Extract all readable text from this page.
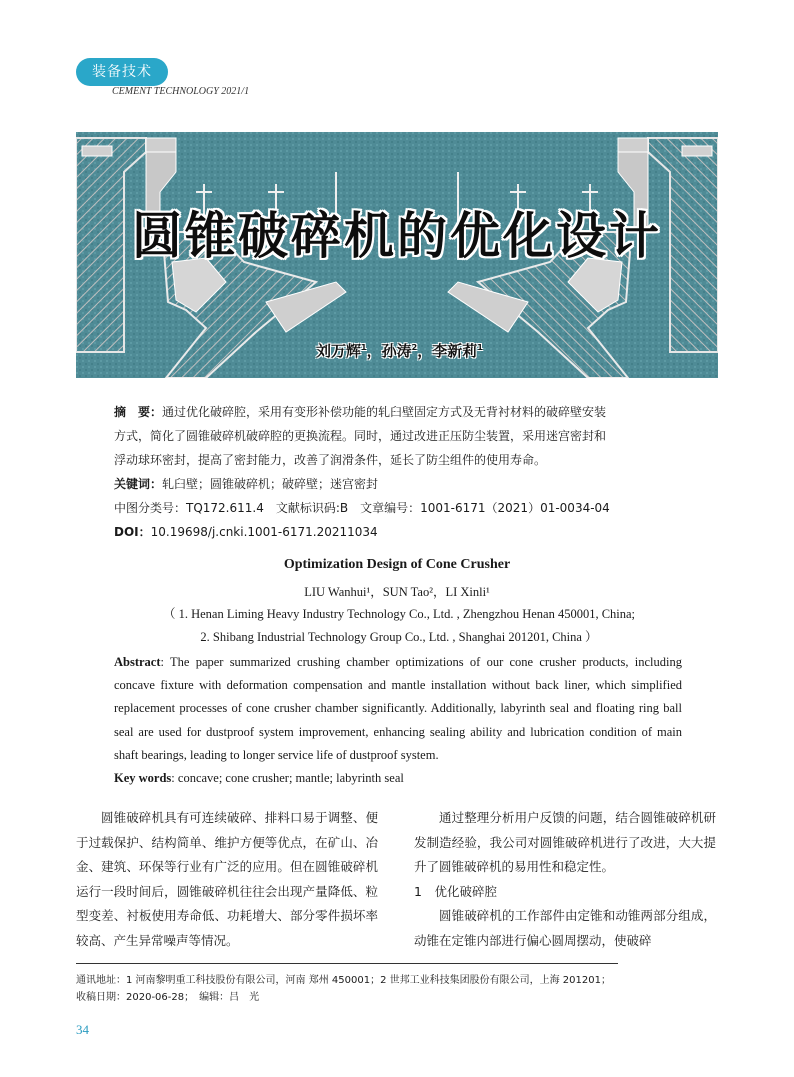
装备技术
CEMENT TECHNOLOGY 2021/1
圆锥破碎机的优化设计
刘万辉$^1$，孙涛$^2$，李新莉$^1$

摘　要：通过优化破碎腔，采用有变形补偿功能的轧臼壁固定方式及无背衬材料的破碎壁安装

方式，简化了圆锥破碎机破碎腔的更换流程。同时，通过改进正压防尘装置，采用迷宫密封和

浮动球环密封，提高了密封能力，改善了润滑条件，延长了防尘组件的使用寿命。

关键词：轧臼壁；圆锥破碎机；破碎壁；迷宫密封

中图分类号：TQ172.611.4　文献标识码:B　文章编号：1001-6171（2021）01-0034-04

DOI：10.19698/j.cnki.1001-6171.20211034

Optimization Design of Cone Crusher
LIU Wanhui¹，SUN Tao²，LI Xinli¹
（ 1. Henan Liming Heavy Industry Technology Co., Ltd. , Zhengzhou Henan 450001, China;
2. Shibang Industrial Technology Group Co., Ltd. , Shanghai 201201, China ）
Abstract: The paper summarized crushing chamber optimizations of our cone crusher products, including concave fixture with deformation compensation and mantle installation without back liner, which simplified replacement processes of cone crusher chamber significantly. Additionally, labyrinth seal and floating ring ball seal are used for dustproof system improvement, enhancing sealing ability and lubrication condition of main shaft bearings, leading to longer service life of dustproof system.
Key words: concave; cone crusher; mantle; labyrinth seal

圆锥破碎机具有可连续破碎、排料口易于调整、便于过载保护、结构简单、维护方便等优点，在矿山、冶金、建筑、环保等行业有广泛的应用。但在圆锥破碎机运行一段时间后，圆锥破碎机往往会出现产量降低、粒型变差、衬板使用寿命低、功耗增大、部分零件损坏率较高、产生异常噪声等情况。

通过整理分析用户反馈的问题，结合圆锥破碎机研发制造经验，我公司对圆锥破碎机进行了改进，大大提升了圆锥破碎机的易用性和稳定性。

1　优化破碎腔

圆锥破碎机的工作部件由定锥和动锥两部分组成，动锥在定锥内部进行偏心圆周摆动，使破碎

通讯地址：1 河南黎明重工科技股份有限公司，河南 郑州 450001；2 世邦工业科技集团股份有限公司，上海 201201；

收稿日期：2020-06-28；　编辑：吕　光

34
